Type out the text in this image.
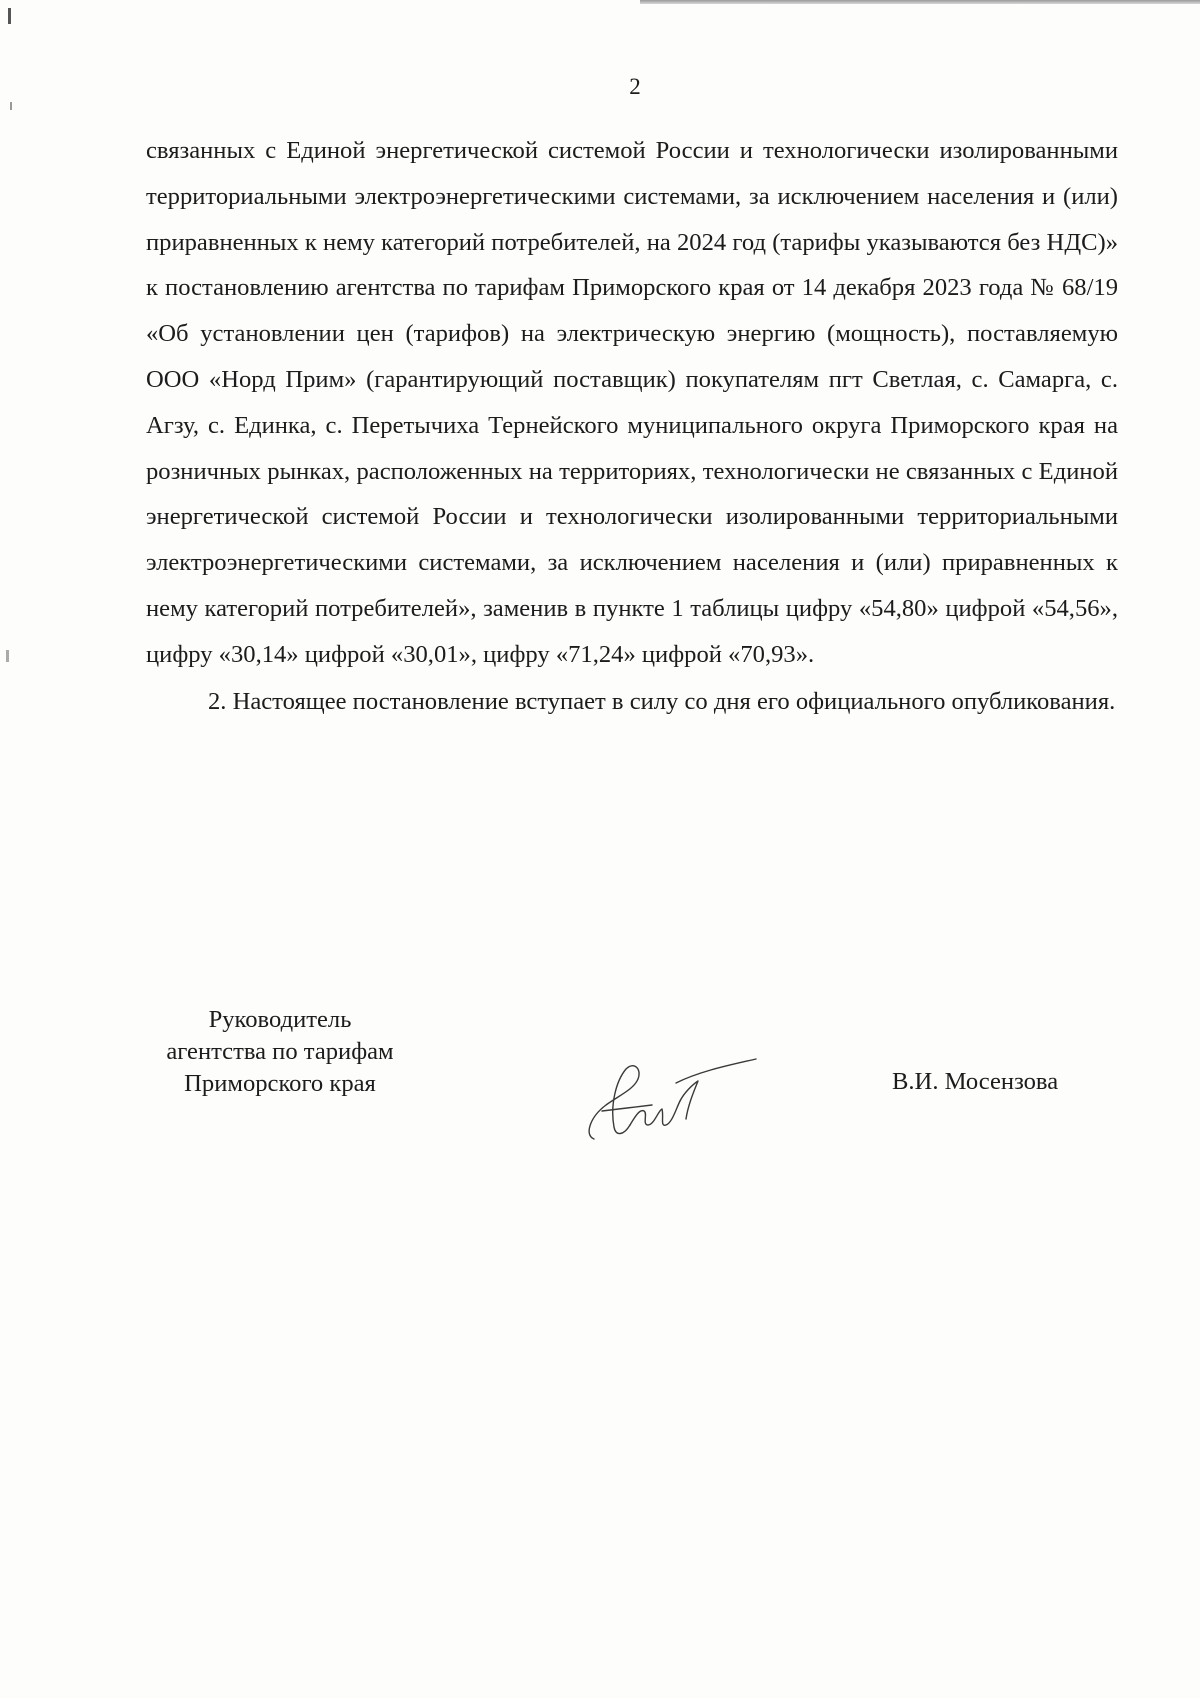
2

связанных с Единой энергетической системой России и технологически изолированными территориальными электроэнергетическими системами, за исключением населения и (или) приравненных к нему категорий потребителей, на 2024 год (тарифы указываются без НДС)» к постановлению агентства по тарифам Приморского края от 14 декабря 2023 года № 68/19 «Об установлении цен (тарифов) на электрическую энергию (мощность), поставляемую ООО «Норд Прим» (гарантирующий поставщик) покупателям пгт Светлая, с. Самарга, с. Агзу, с. Единка, с. Перетычиха Тернейского муниципального округа Приморского края на розничных рынках, расположенных на территориях, технологически не связанных с Единой энергетической системой России и технологически изолированными территориальными электроэнергетическими системами, за исключением населения и (или) приравненных к нему категорий потребителей», заменив в пункте 1 таблицы цифру «54,80» цифрой «54,56», цифру «30,14» цифрой «30,01», цифру «71,24» цифрой «70,93».

2. Настоящее постановление вступает в силу со дня его официального опубликования.

Руководитель
агентства по тарифам
Приморского края	В.И. Мосензова
